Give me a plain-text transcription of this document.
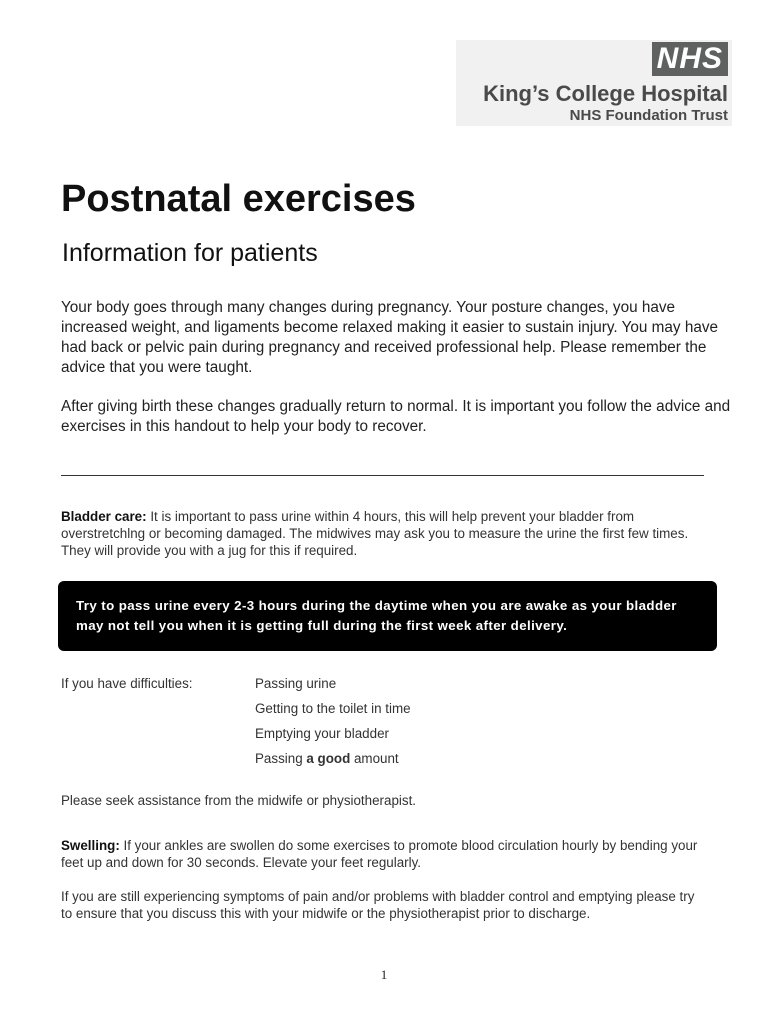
NHS
King’s College Hospital
NHS Foundation Trust
Postnatal exercises
Information for patients

Your body goes through many changes during pregnancy. Your posture changes, you have increased weight, and ligaments become relaxed making it easier to sustain injury. You may have had back or pelvic pain during pregnancy and received professional help. Please remember the advice that you were taught.

After giving birth these changes gradually return to normal. It is important you follow the advice and exercises in this handout to help your body to recover.

Bladder care: It is important to pass urine within 4 hours, this will help prevent your bladder from overstretchlng or becoming damaged. The midwives may ask you to measure the urine the first few times. They will provide you with a jug for this if required.

Try to pass urine every 2-3 hours during the daytime when you are awake as your bladder may not tell you when it is getting full during the first week after delivery.
If you have difficulties:	Passing urine
Getting to the toilet in time
Emptying your bladder
Passing a good amount

Please seek assistance from the midwife or physiotherapist.

Swelling: If your ankles are swollen do some exercises to promote blood circulation hourly by bending your feet up and down for 30 seconds. Elevate your feet regularly.

If you are still experiencing symptoms of pain and/or problems with bladder control and emptying please try to ensure that you discuss this with your midwife or the physiotherapist prior to discharge.

1
